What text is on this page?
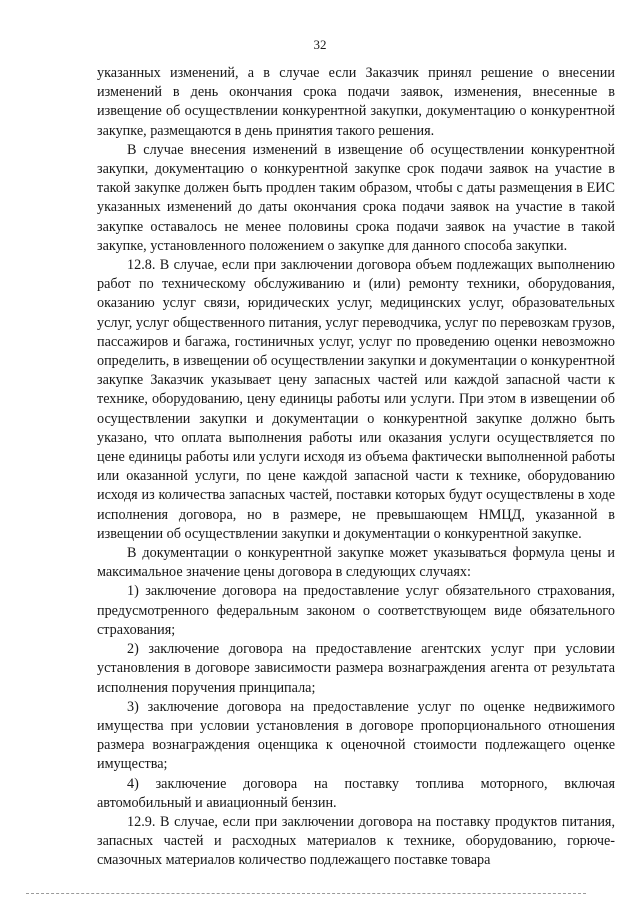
32

указанных изменений, а в случае если Заказчик принял решение о внесении изменений в день окончания срока подачи заявок, изменения, внесенные в извещение об осуществлении конкурентной закупки, документацию о конкурентной закупке, размещаются в день принятия такого решения.

В случае внесения изменений в извещение об осуществлении конкурентной закупки, документацию о конкурентной закупке срок подачи заявок на участие в такой закупке должен быть продлен таким образом, чтобы с даты размещения в ЕИС указанных изменений до даты окончания срока подачи заявок на участие в такой закупке оставалось не менее половины срока подачи заявок на участие в такой закупке, установленного положением о закупке для данного способа закупки.

12.8. В случае, если при заключении договора объем подлежащих выполнению работ по техническому обслуживанию и (или) ремонту техники, оборудования, оказанию услуг связи, юридических услуг, медицинских услуг, образовательных услуг, услуг общественного питания, услуг переводчика, услуг по перевозкам грузов, пассажиров и багажа, гостиничных услуг, услуг по проведению оценки невозможно определить, в извещении об осуществлении закупки и документации о конкурентной закупке Заказчик указывает цену запасных частей или каждой запасной части к технике, оборудованию, цену единицы работы или услуги. При этом в извещении об осуществлении закупки и документации о конкурентной закупке должно быть указано, что оплата выполнения работы или оказания услуги осуществляется по цене единицы работы или услуги исходя из объема фактически выполненной работы или оказанной услуги, по цене каждой запасной части к технике, оборудованию исходя из количества запасных частей, поставки которых будут осуществлены в ходе исполнения договора, но в размере, не превышающем НМЦД, указанной в извещении об осуществлении закупки и документации о конкурентной закупке.

В документации о конкурентной закупке может указываться формула цены и максимальное значение цены договора в следующих случаях:

1) заключение договора на предоставление услуг обязательного страхования, предусмотренного федеральным законом о соответствующем виде обязательного страхования;

2) заключение договора на предоставление агентских услуг при условии установления в договоре зависимости размера вознаграждения агента от результата исполнения поручения принципала;

3) заключение договора на предоставление услуг по оценке недвижимого имущества при условии установления в договоре пропорционального отношения размера вознаграждения оценщика к оценочной стоимости подлежащего оценке имущества;

4) заключение договора на поставку топлива моторного, включая автомобильный и авиационный бензин.

12.9. В случае, если при заключении договора на поставку продуктов питания, запасных частей и расходных материалов к технике, оборудованию, горюче-смазочных материалов количество подлежащего поставке товара
